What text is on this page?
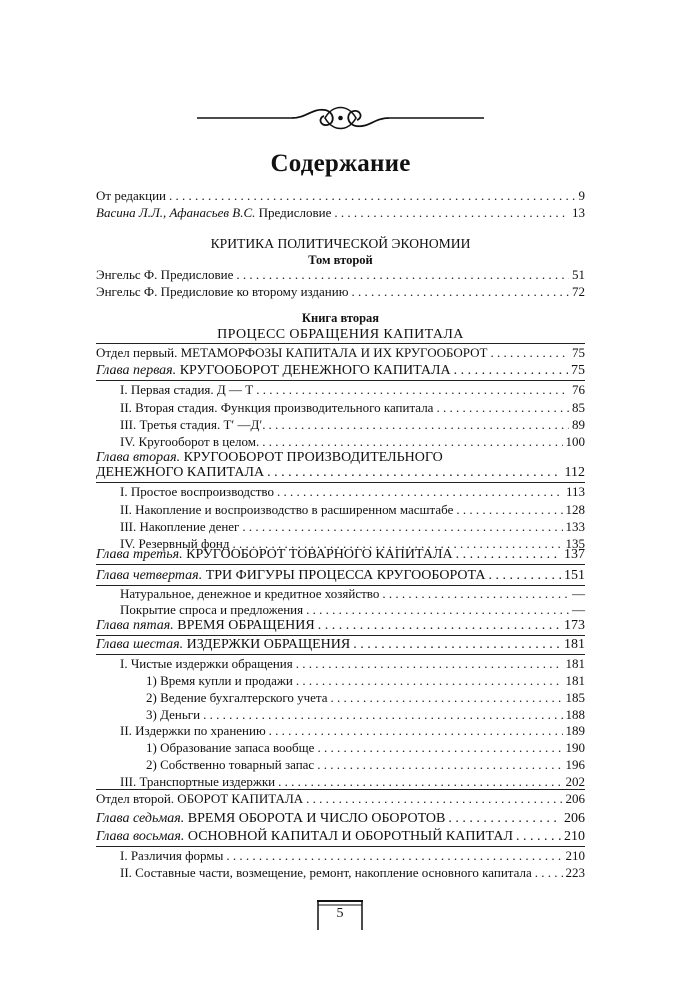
Содержание
От редакции . . .	9
Васина Л.Л., Афанасьев В.С. Предисловие . . .	13
КРИТИКА ПОЛИТИЧЕСКОЙ ЭКОНОМИИ
Том второй
Энгельс Ф. Предисловие . . .	51
Энгельс Ф. Предисловие ко второму изданию . . .	72
Книга вторая
ПРОЦЕСС ОБРАЩЕНИЯ КАПИТАЛА
Отдел первый. МЕТАМОРФОЗЫ КАПИТАЛА И ИХ КРУГООБОРОТ . . .	75
Глава первая. КРУГООБОРОТ ДЕНЕЖНОГО КАПИТАЛА . . .	75
I. Первая стадия. Д — Т . . .	76
II. Вторая стадия. Функция производительного капитала . . .	85
III. Третья стадия. Т′ —Д′. . . .	89
IV. Кругооборот в целом. . . .	100
Глава вторая. КРУГООБОРОТ ПРОИЗВОДИТЕЛЬНОГО
ДЕНЕЖНОГО КАПИТАЛА . . .	112
I. Простое воспроизводство . . .	113
II. Накопление и воспроизводство в расширенном масштабе . . .	128
III. Накопление денег . . .	133
IV. Резервный фонд . . .	135
Глава третья. КРУГООБОРОТ ТОВАРНОГО КАПИТАЛА . . .	137
Глава четвертая. ТРИ ФИГУРЫ ПРОЦЕССА КРУГООБОРОТА . . .	151
Натуральное, денежное и кредитное хозяйство . . .	—
Покрытие спроса и предложения . . .	—
Глава пятая. ВРЕМЯ ОБРАЩЕНИЯ . . .	173
Глава шестая. ИЗДЕРЖКИ ОБРАЩЕНИЯ . . .	181
I. Чистые издержки обращения . . .	181
1) Время купли и продажи . . .	181
2) Ведение бухгалтерского учета . . .	185
3) Деньги . . .	188
II. Издержки по хранению . . .	189
1) Образование запаса вообще . . .	190
2) Собственно товарный запас . . .	196
III. Транспортные издержки . . .	202
Отдел второй. ОБОРОТ КАПИТАЛА . . .	206
Глава седьмая. ВРЕМЯ ОБОРОТА И ЧИСЛО ОБОРОТОВ . . .	206
Глава восьмая. ОСНОВНОЙ КАПИТАЛ И ОБОРОТНЫЙ КАПИТАЛ . . .	210
I. Различия формы . . .	210
II. Составные части, возмещение, ремонт, накопление основного капитала . . .	223
5
